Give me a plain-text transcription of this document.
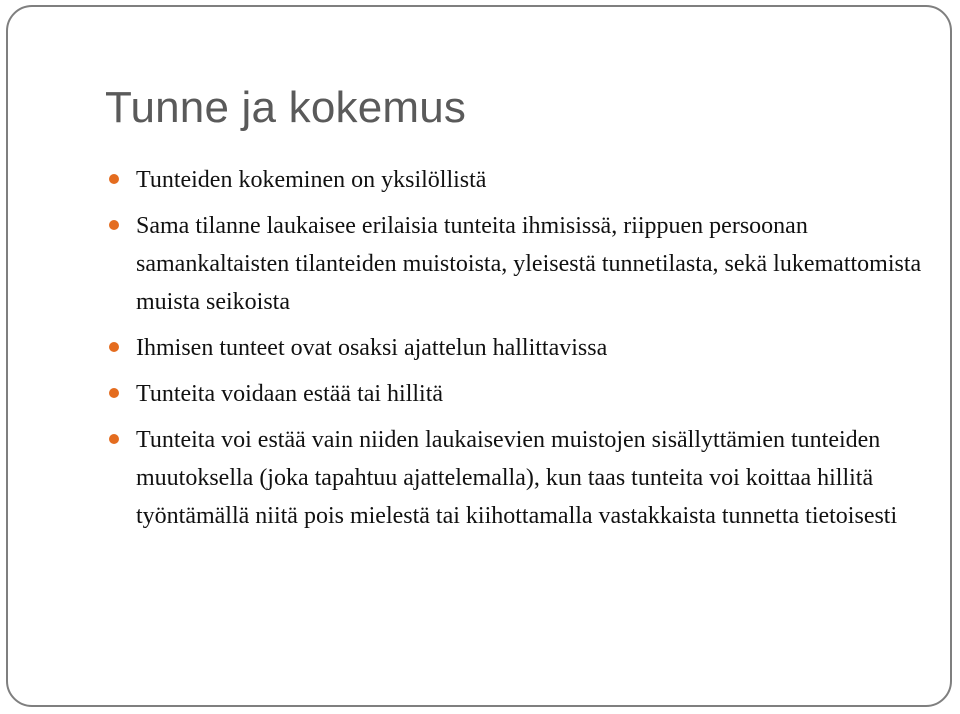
Tunne ja kokemus
Tunteiden kokeminen on yksilöllistä
Sama tilanne laukaisee erilaisia tunteita ihmisissä, riippuen persoonan samankaltaisten tilanteiden muistoista, yleisestä tunnetilasta, sekä lukemattomista muista seikoista
Ihmisen tunteet ovat osaksi ajattelun hallittavissa
Tunteita voidaan estää tai hillitä
Tunteita voi estää vain niiden laukaisevien muistojen sisällyttämien tunteiden muutoksella (joka tapahtuu ajattelemalla), kun taas tunteita voi koittaa hillitä työntämällä niitä pois mielestä tai kiihottamalla vastakkaista tunnetta tietoisesti
